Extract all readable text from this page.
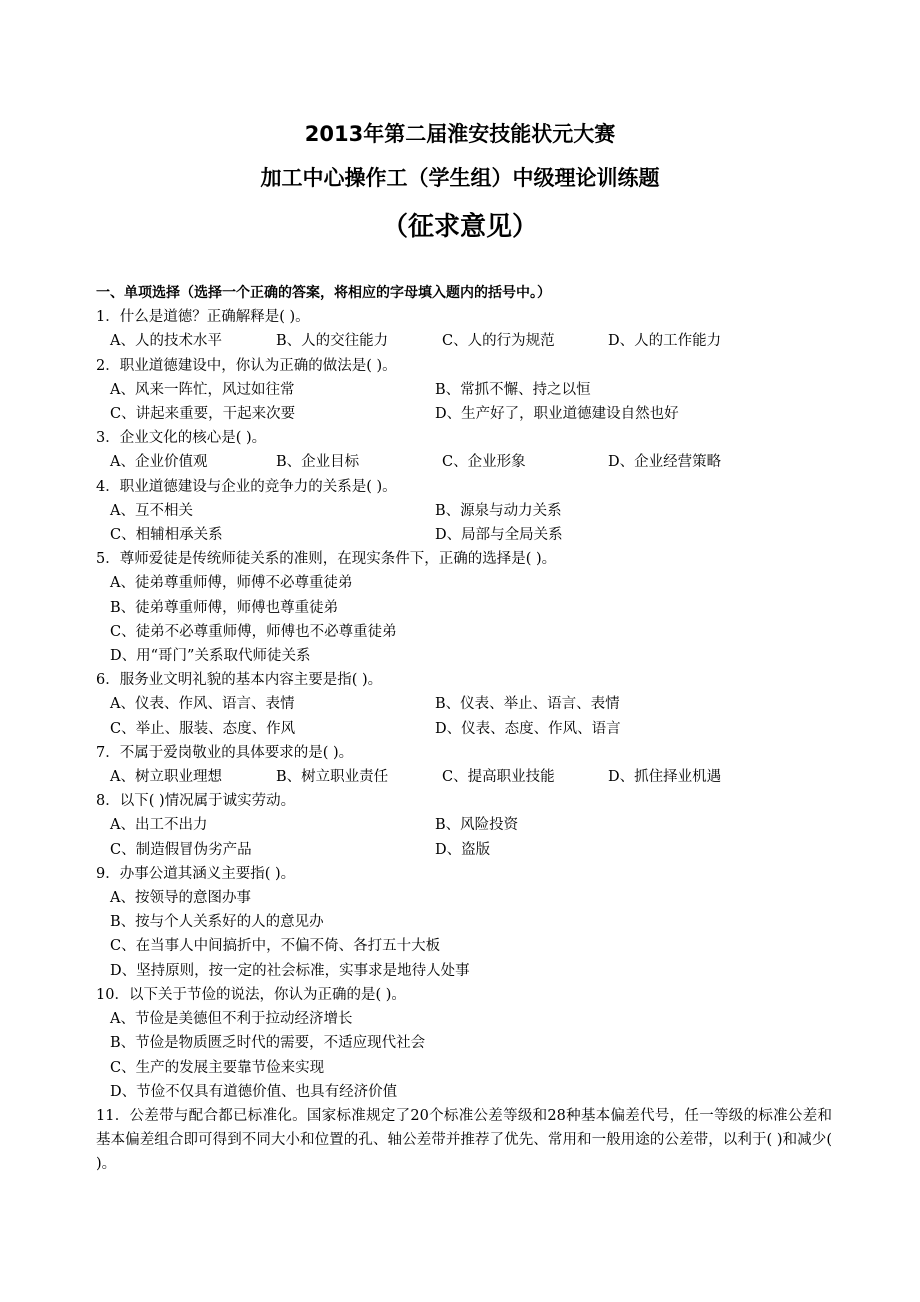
2013年第二届淮安技能状元大赛
加工中心操作工（学生组）中级理论训练题
（征求意见）
一、单项选择（选择一个正确的答案，将相应的字母填入题内的括号中。）
1．什么是道德？正确解释是( )。
A、人的技术水平	B、人的交往能力	C、人的行为规范	D、人的工作能力
2．职业道德建设中，你认为正确的做法是( )。
A、风来一阵忙，风过如往常	B、常抓不懈、持之以恒
C、讲起来重要，干起来次要	D、生产好了，职业道德建设自然也好
3．企业文化的核心是( )。
A、企业价值观	B、企业目标	C、企业形象	D、企业经营策略
4．职业道德建设与企业的竞争力的关系是( )。
A、互不相关	B、源泉与动力关系
C、相辅相承关系	D、局部与全局关系
5．尊师爱徒是传统师徒关系的准则，在现实条件下，正确的选择是( )。
A、徒弟尊重师傅，师傅不必尊重徒弟
B、徒弟尊重师傅，师傅也尊重徒弟
C、徒弟不必尊重师傅，师傅也不必尊重徒弟
D、用“哥门”关系取代师徒关系
6．服务业文明礼貌的基本内容主要是指( )。
A、仪表、作风、语言、表情	B、仪表、举止、语言、表情
C、举止、服装、态度、作风	D、仪表、态度、作风、语言
7．不属于爱岗敬业的具体要求的是( )。
A、树立职业理想	B、树立职业责任	C、提高职业技能	D、抓住择业机遇
8．以下( )情况属于诚实劳动。
A、出工不出力	B、风险投资
C、制造假冒伪劣产品	D、盗版
9．办事公道其涵义主要指( )。
A、按领导的意图办事
B、按与个人关系好的人的意见办
C、在当事人中间搞折中，不偏不倚、各打五十大板
D、坚持原则，按一定的社会标准，实事求是地待人处事
10．以下关于节俭的说法，你认为正确的是( )。
A、节俭是美德但不利于拉动经济增长
B、节俭是物质匮乏时代的需要，不适应现代社会
C、生产的发展主要靠节俭来实现
D、节俭不仅具有道德价值、也具有经济价值
11．公差带与配合都已标准化。国家标准规定了20个标准公差等级和28种基本偏差代号，任一等级的标准公差和基本偏差组合即可得到不同大小和位置的孔、轴公差带并推荐了优先、常用和一般用途的公差带，以利于( )和减少( )。
